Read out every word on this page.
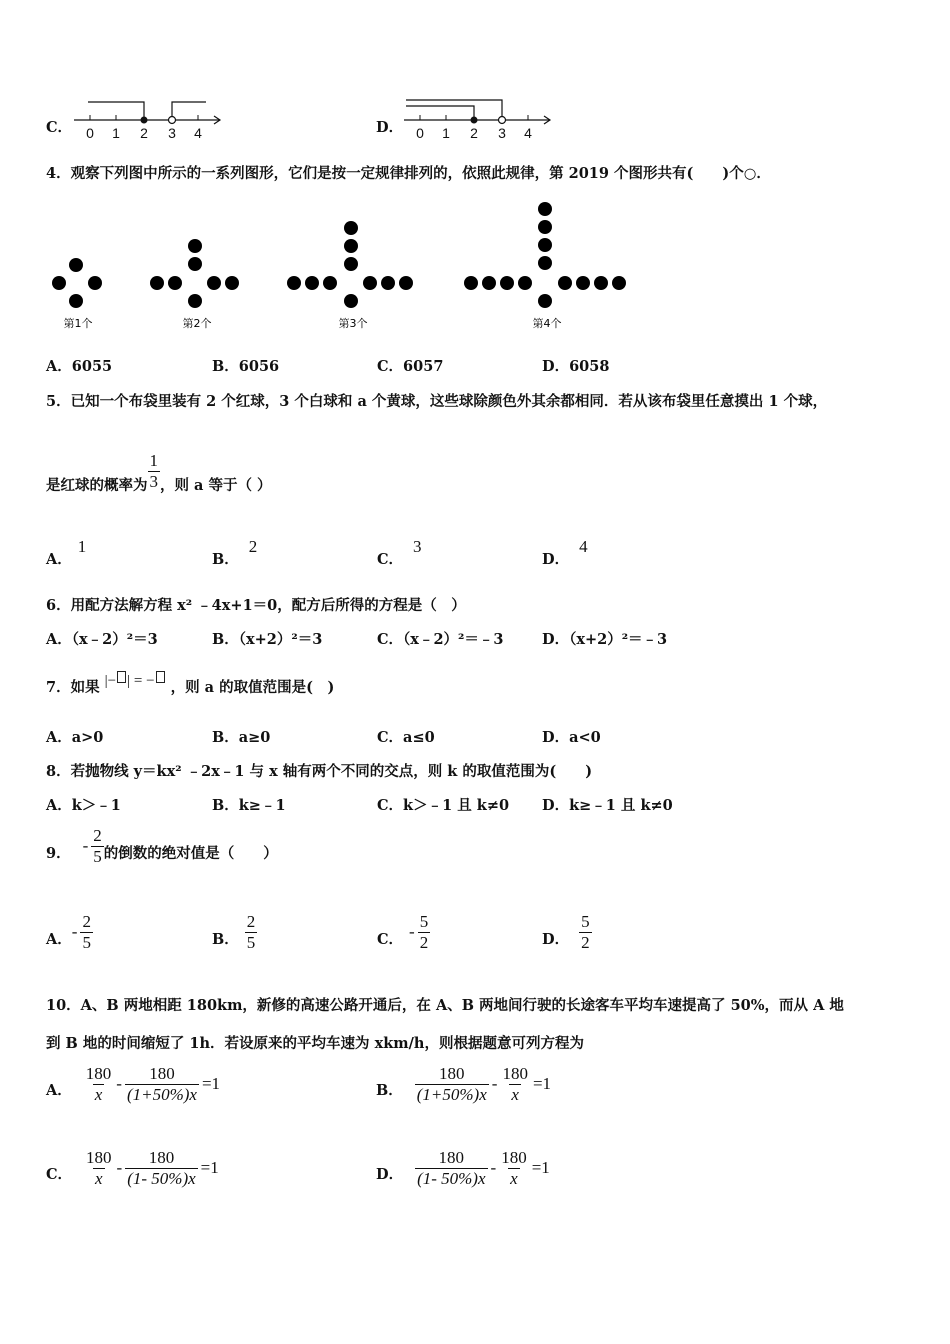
C． 0 1 2 3 4	D． 0 1 2 3 4
4．观察下列图中所示的一系列图形，它们是按一定规律排列的，依照此规律，第 2019 个图形共有(　　)个○．
第1个	第2个	第3个	第4个
A．6055	B．6056	C．6057	D．6058
5．已知一个布袋里装有 2 个红球，3 个白球和 a 个黄球，这些球除颜色外其余都相同．若从该布袋里任意摸出 1 个球，
是红球的概率为 $\frac{1}{3}$ ，则 a 等于（ ）
A．1
B．2
C．3
D．4
6．用配方法解方程 x² ﹣4x+1＝0，配方后所得的方程是（　）
A．（x﹣2）²＝3	B．（x+2）²＝3	C．（x﹣2）²＝﹣3	D．（x+2）²＝﹣3
7．如果 |− | = − ，则 a 的取值范围是(　)
A．a>0	B．a≥0	C．a≤0	D．a<0
8．若抛物线 y＝kx² ﹣2x﹣1 与 x 轴有两个不同的交点，则 k 的取值范围为(　　)
A．k＞﹣1	B．k≥﹣1	C．k＞﹣1 且 k≠0 D．k≥﹣1 且 k≠0
9． - $\frac{2}{5}$ 的倒数的绝对值是（　　）
A． - $\frac{2}{5}$	B． $\frac{2}{5}$	C． - $\frac{5}{2}$	D． $\frac{5}{2}$
10．A、B 两地相距 180km，新修的高速公路开通后，在 A、B 两地间行驶的长途客车平均车速提高了 50%，而从 A 地
到 B 地的时间缩短了 1h．若设原来的平均车速为 xkm/h，则根据题意可列方程为
A． $\frac{180}{x} - \frac{180}{(1+50\%)x} =1$	B． $\frac{180}{(1+50\%)x} - \frac{180}{x} =1$
C． $\frac{180}{x} - \frac{180}{(1- 50\%)x} =1$	D． $\frac{180}{(1- 50\%)x} - \frac{180}{x} =1$
